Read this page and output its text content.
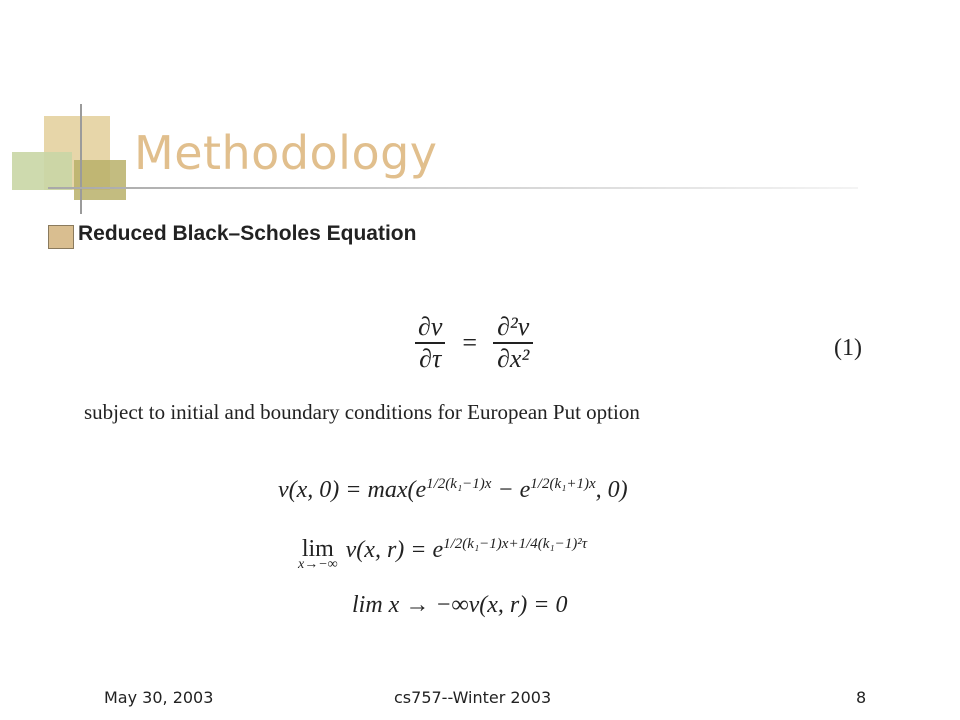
Methodology
Reduced Black–Scholes Equation
$\frac{\partial v}{\partial\tau} = \frac{\text{∂²v}}{\text{∂x²}}$	(1)
subject to initial and boundary conditions for European Put option
v(x, $0) = \max(e^{1/2(k_1-1)x} - e^{1/2(k_1+1)x}$, 0)
lim
x→−∞
v(x, $r) = e^{1/2(k_1-1)x+1/4(k_1-1)^2\tau}$
lim x → −∞v(x, r) = 0
May 30, 2003	cs757--Winter 2003	8
